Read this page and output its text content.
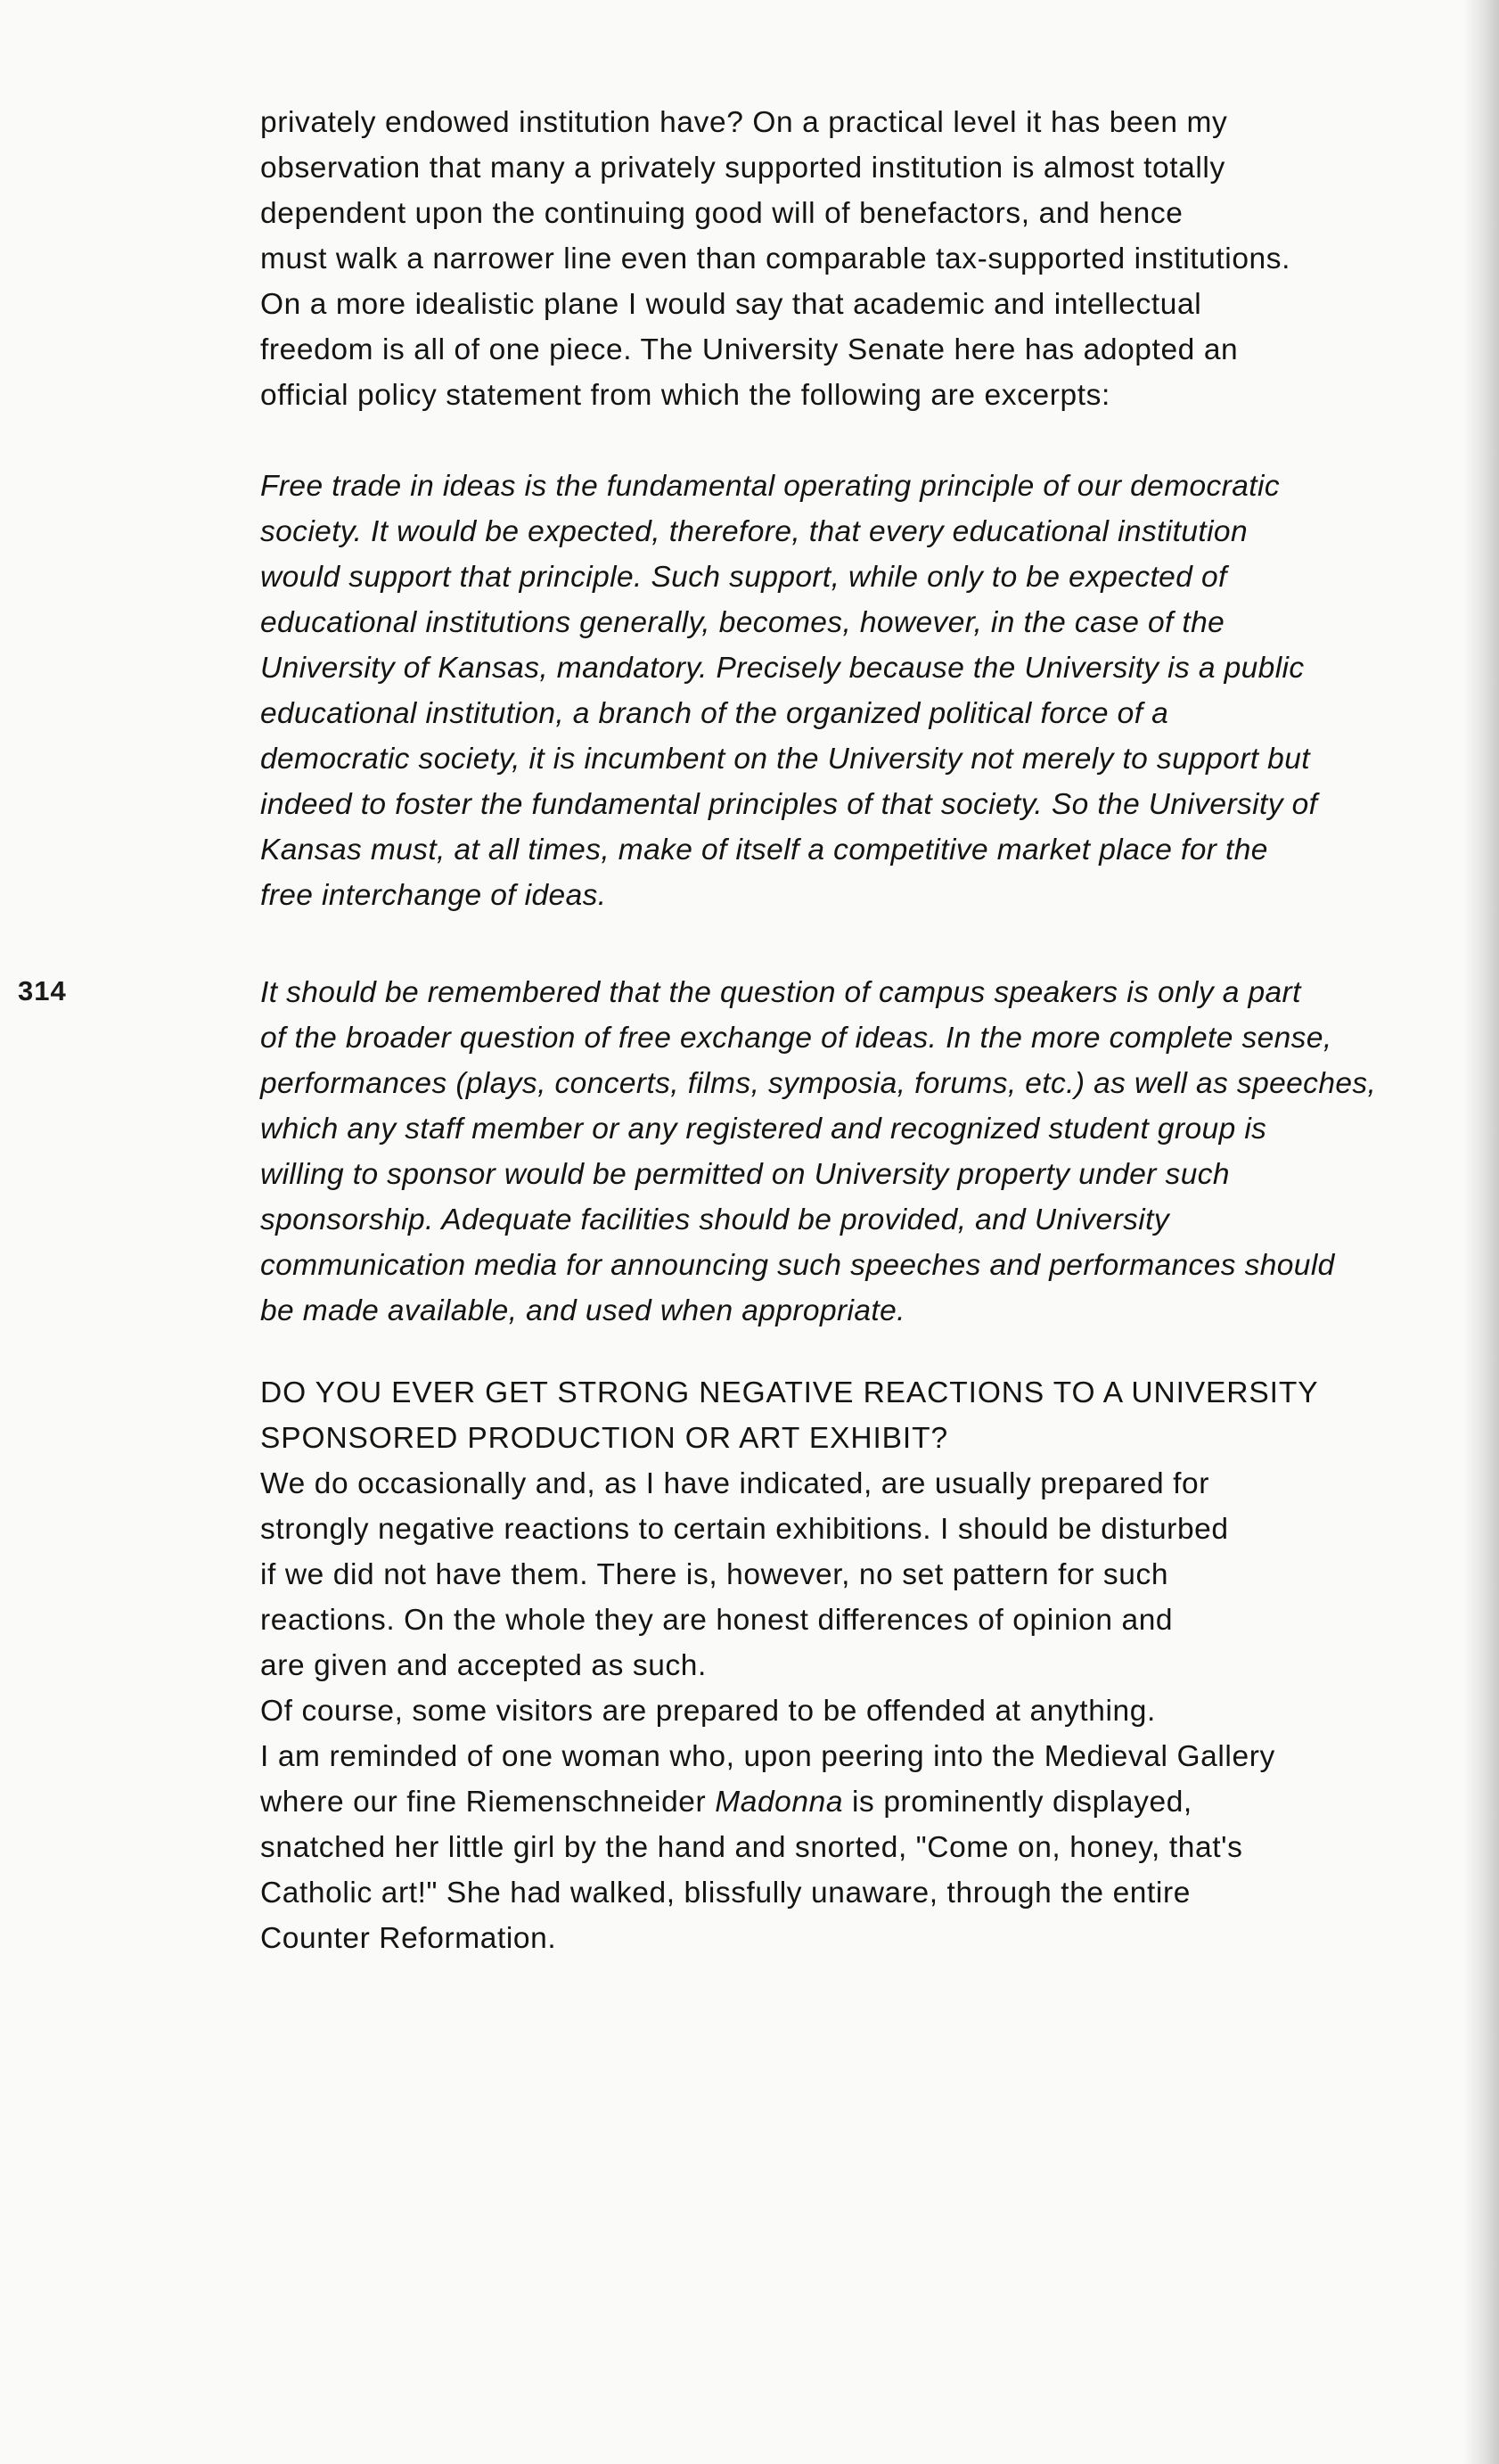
314
privately endowed institution have? On a practical level it has been my
observation that many a privately supported institution is almost totally
dependent upon the continuing good will of benefactors, and hence
must walk a narrower line even than comparable tax-supported institutions.
On a more idealistic plane I would say that academic and intellectual
freedom is all of one piece. The University Senate here has adopted an
official policy statement from which the following are excerpts:
Free trade in ideas is the fundamental operating principle of our democratic
society. It would be expected, therefore, that every educational institution
would support that principle. Such support, while only to be expected of
educational institutions generally, becomes, however, in the case of the
University of Kansas, mandatory. Precisely because the University is a public
educational institution, a branch of the organized political force of a
democratic society, it is incumbent on the University not merely to support but
indeed to foster the fundamental principles of that society. So the University of
Kansas must, at all times, make of itself a competitive market place for the
free interchange of ideas.
It should be remembered that the question of campus speakers is only a part
of the broader question of free exchange of ideas. In the more complete sense,
performances (plays, concerts, films, symposia, forums, etc.) as well as speeches,
which any staff member or any registered and recognized student group is
willing to sponsor would be permitted on University property under such
sponsorship. Adequate facilities should be provided, and University
communication media for announcing such speeches and performances should
be made available, and used when appropriate.
DO YOU EVER GET STRONG NEGATIVE REACTIONS TO A UNIVERSITY
SPONSORED PRODUCTION OR ART EXHIBIT?
We do occasionally and, as I have indicated, are usually prepared for
strongly negative reactions to certain exhibitions. I should be disturbed
if we did not have them. There is, however, no set pattern for such
reactions. On the whole they are honest differences of opinion and
are given and accepted as such.
Of course, some visitors are prepared to be offended at anything.
I am reminded of one woman who, upon peering into the Medieval Gallery
where our fine Riemenschneider Madonna is prominently displayed,
snatched her little girl by the hand and snorted, "Come on, honey, that's
Catholic art!" She had walked, blissfully unaware, through the entire
Counter Reformation.
